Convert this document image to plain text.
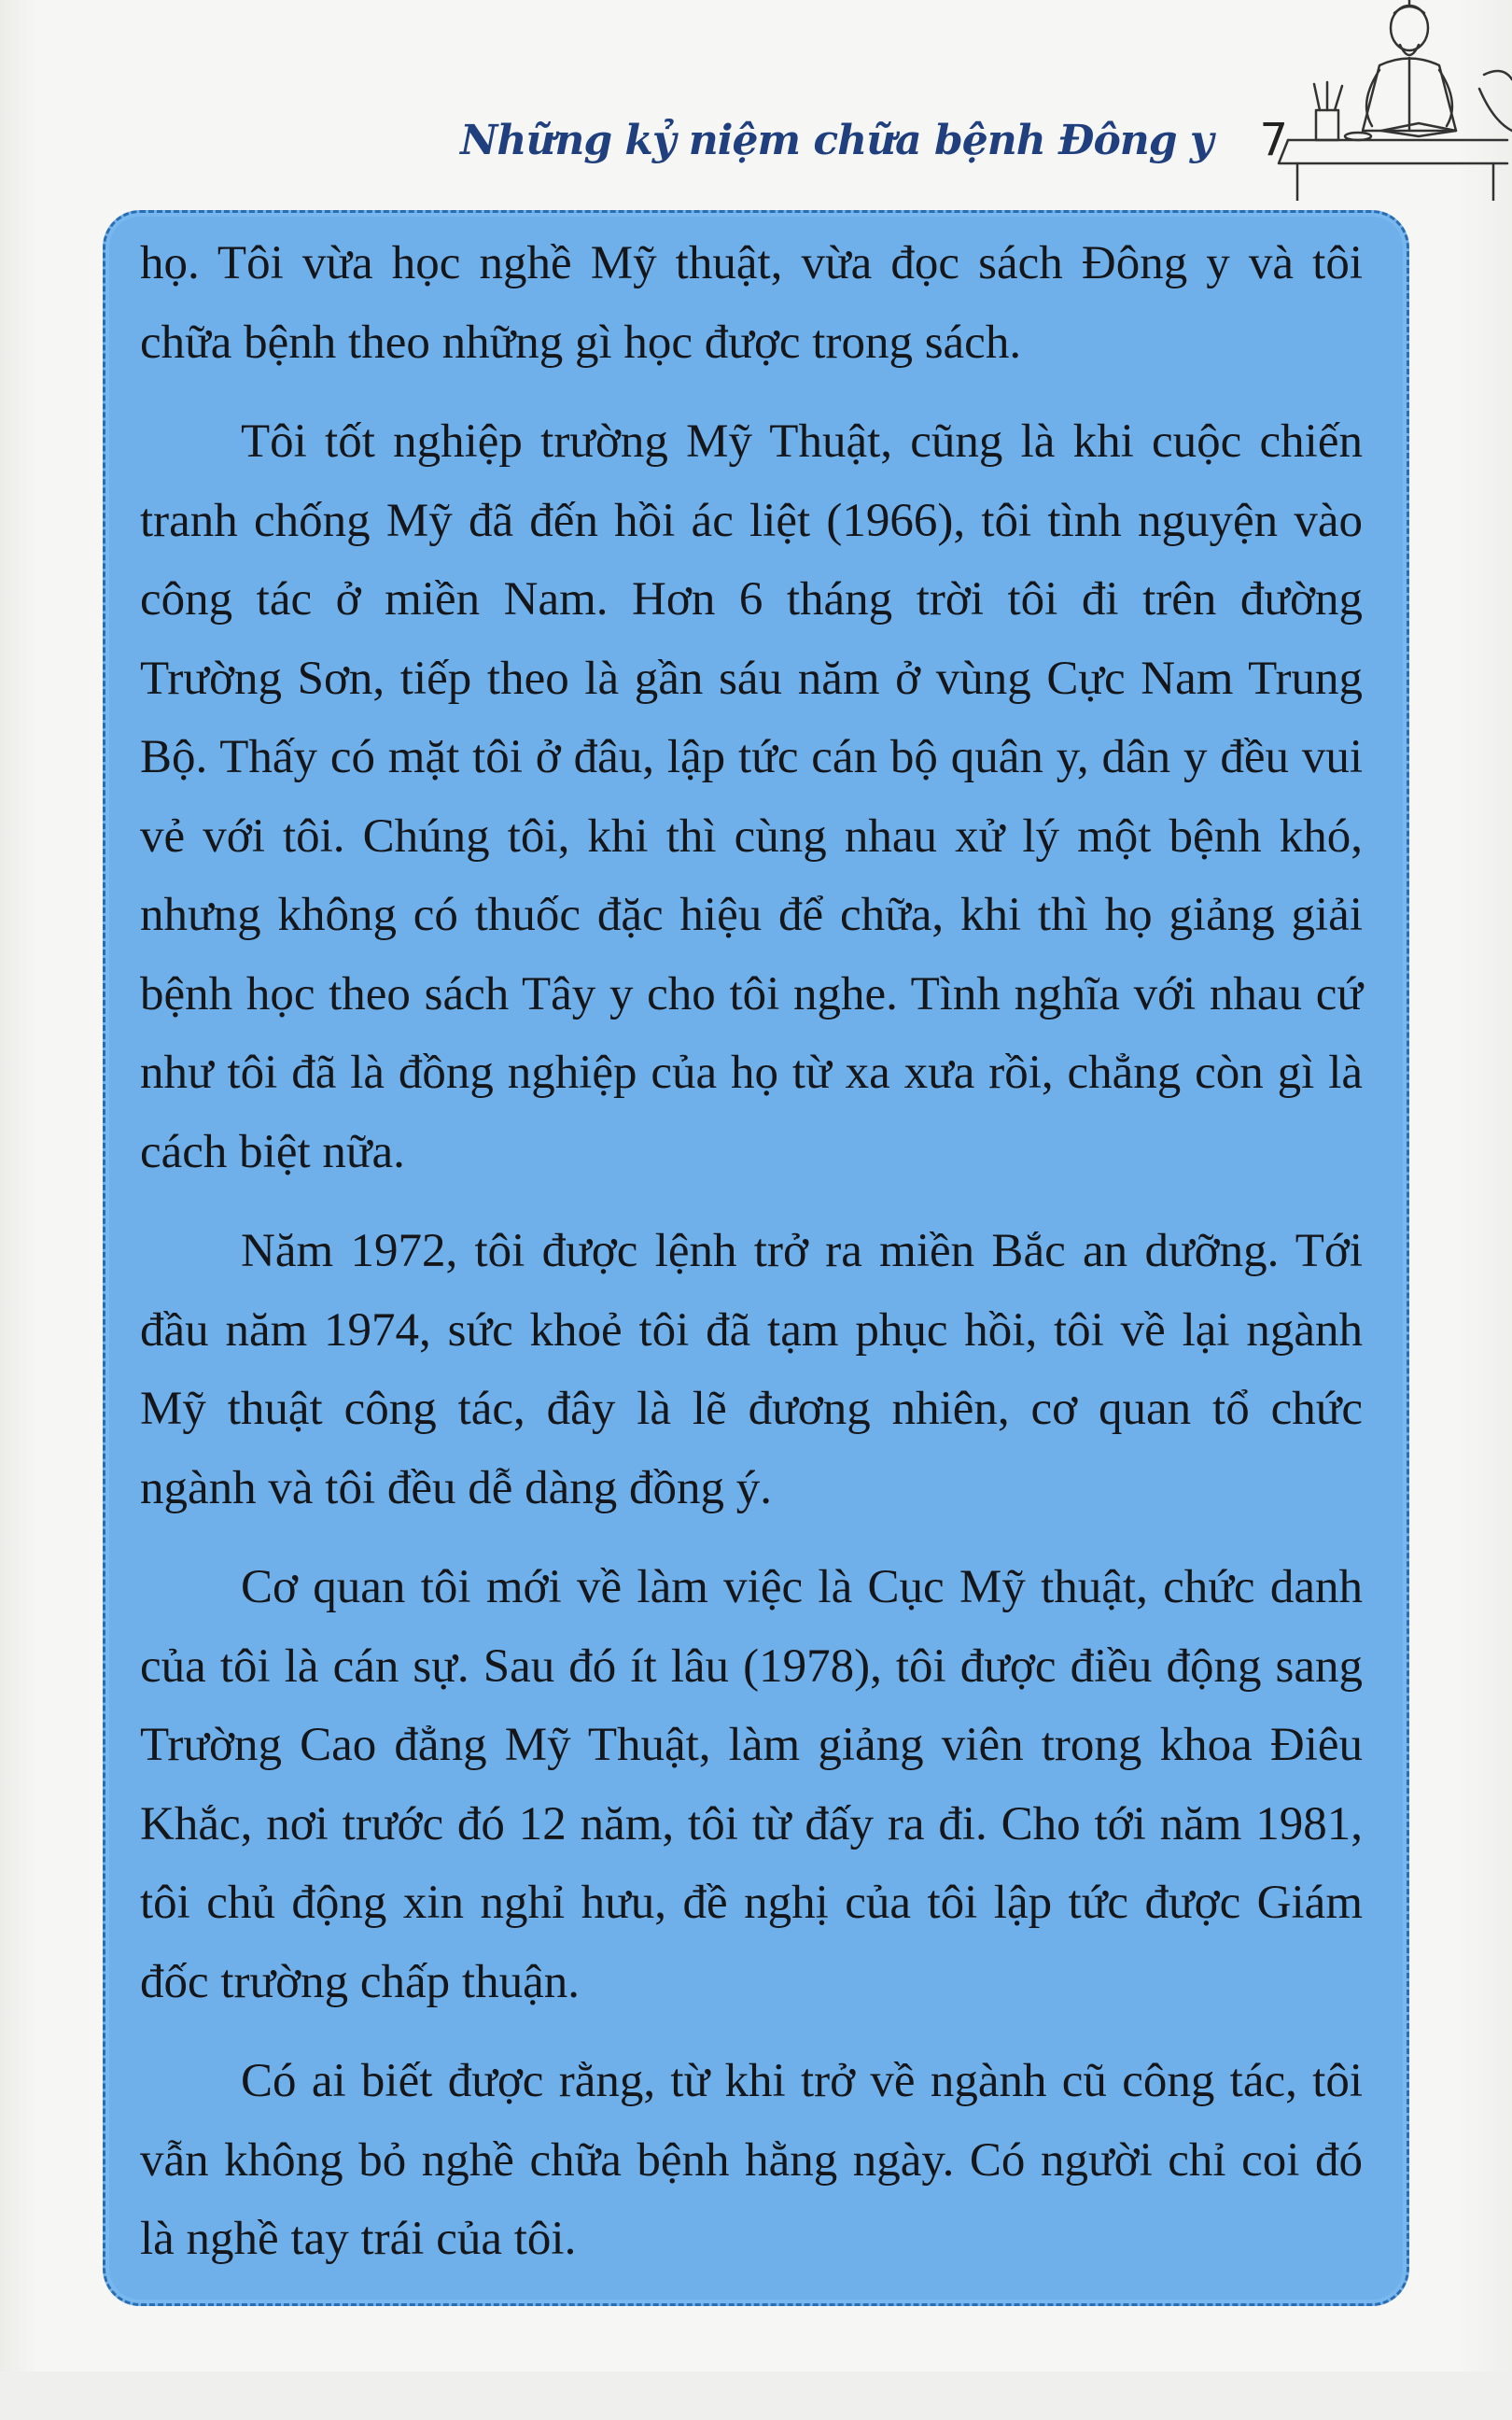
Những kỷ niệm chữa bệnh Đông y 7

họ. Tôi vừa học nghề Mỹ thuật, vừa đọc sách Đông y và tôi chữa bệnh theo những gì học được trong sách.

Tôi tốt nghiệp trường Mỹ Thuật, cũng là khi cuộc chiến tranh chống Mỹ đã đến hồi ác liệt (1966), tôi tình nguyện vào công tác ở miền Nam. Hơn 6 tháng trời tôi đi trên đường Trường Sơn, tiếp theo là gần sáu năm ở vùng Cực Nam Trung Bộ. Thấy có mặt tôi ở đâu, lập tức cán bộ quân y, dân y đều vui vẻ với tôi. Chúng tôi, khi thì cùng nhau xử lý một bệnh khó, nhưng không có thuốc đặc hiệu để chữa, khi thì họ giảng giải bệnh học theo sách Tây y cho tôi nghe. Tình nghĩa với nhau cứ như tôi đã là đồng nghiệp của họ từ xa xưa rồi, chẳng còn gì là cách biệt nữa.

Năm 1972, tôi được lệnh trở ra miền Bắc an dưỡng. Tới đầu năm 1974, sức khoẻ tôi đã tạm phục hồi, tôi về lại ngành Mỹ thuật công tác, đây là lẽ đương nhiên, cơ quan tổ chức ngành và tôi đều dễ dàng đồng ý.

Cơ quan tôi mới về làm việc là Cục Mỹ thuật, chức danh của tôi là cán sự. Sau đó ít lâu (1978), tôi được điều động sang Trường Cao đẳng Mỹ Thuật, làm giảng viên trong khoa Điêu Khắc, nơi trước đó 12 năm, tôi từ đấy ra đi. Cho tới năm 1981, tôi chủ động xin nghỉ hưu, đề nghị của tôi lập tức được Giám đốc trường chấp thuận.

Có ai biết được rằng, từ khi trở về ngành cũ công tác, tôi vẫn không bỏ nghề chữa bệnh hằng ngày. Có người chỉ coi đó là nghề tay trái của tôi.
